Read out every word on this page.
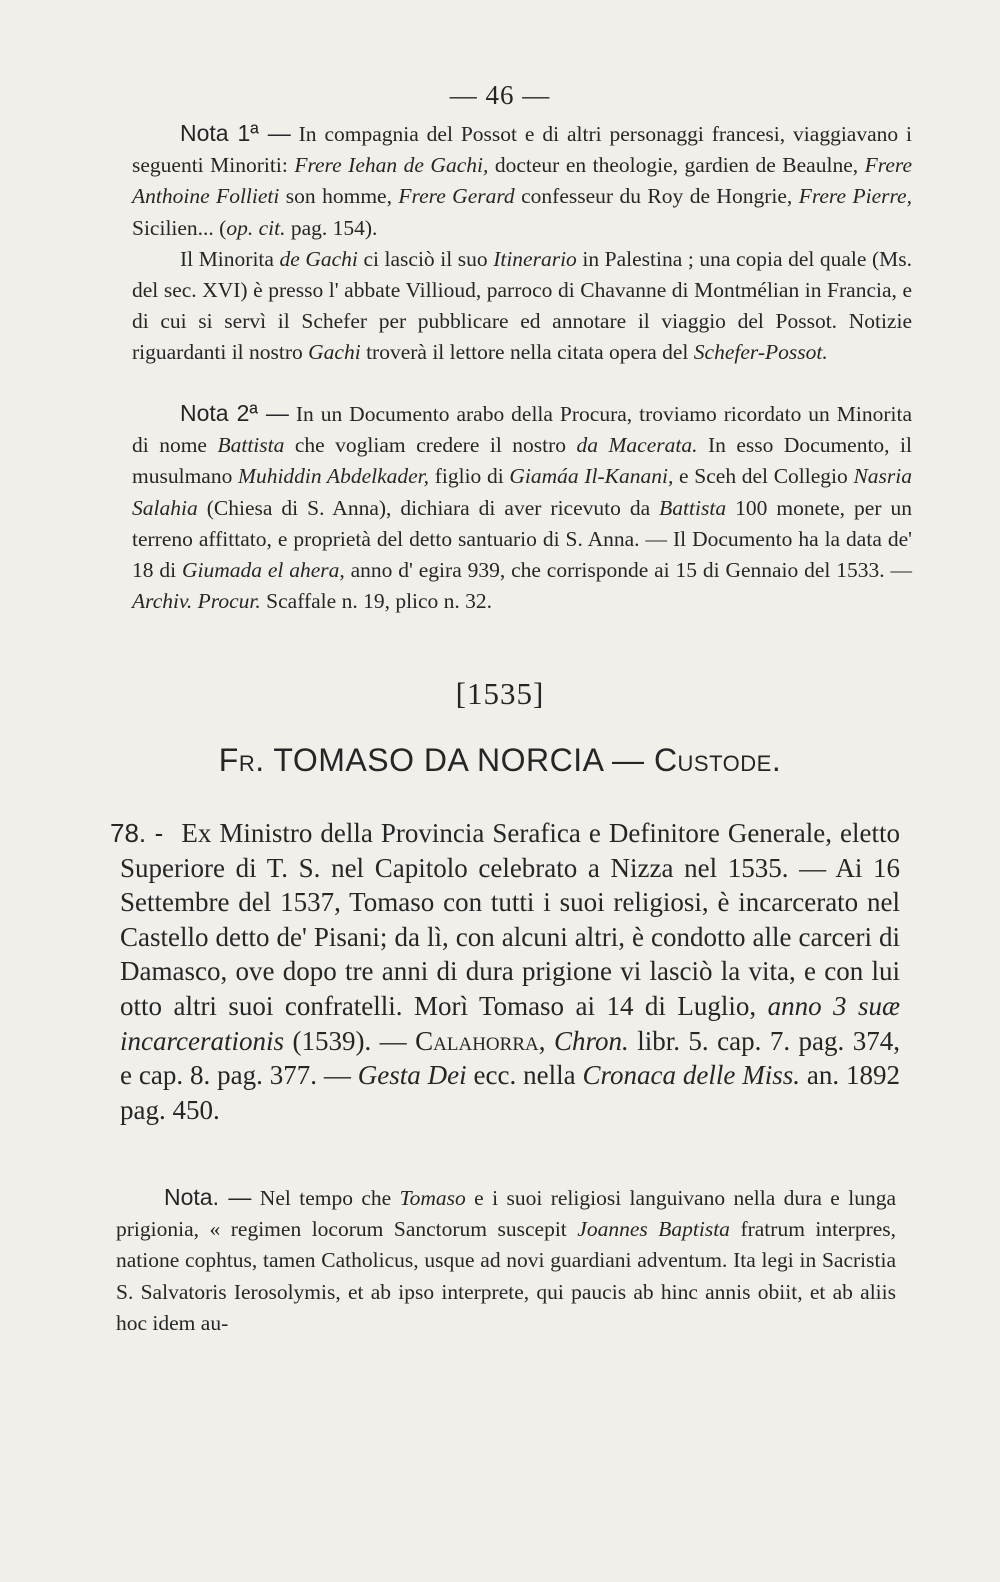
— 46 —

Nota 1ª — In compagnia del Possot e di altri personaggi francesi, viaggiavano i seguenti Minoriti: Frere Iehan de Gachi, docteur en theologie, gardien de Beaulne, Frere Anthoine Follieti son homme, Frere Gerard confesseur du Roy de Hongrie, Frere Pierre, Sicilien... (op. cit. pag. 154).

Il Minorita de Gachi ci lasciò il suo Itinerario in Palestina ; una copia del quale (Ms. del sec. XVI) è presso l' abbate Villioud, parroco di Chavanne di Montmélian in Francia, e di cui si servì il Schefer per pubblicare ed annotare il viaggio del Possot. Notizie riguardanti il nostro Gachi troverà il lettore nella citata opera del Schefer-Possot.

Nota 2ª — In un Documento arabo della Procura, troviamo ricordato un Minorita di nome Battista che vogliam credere il nostro da Macerata. In esso Documento, il musulmano Muhiddin Abdelkader, figlio di Giamáa Il-Kanani, e Sceh del Collegio Nasria Salahia (Chiesa di S. Anna), dichiara di aver ricevuto da Battista 100 monete, per un terreno affittato, e proprietà del detto santuario di S. Anna. — Il Documento ha la data de' 18 di Giumada el ahera, anno d' egira 939, che corrisponde ai 15 di Gennaio del 1533. — Archiv. Procur. Scaffale n. 19, plico n. 32.

[1535]
Fr. TOMASO DA NORCIA — Custode.

78. - Ex Ministro della Provincia Serafica e Definitore Generale, eletto Superiore di T. S. nel Capitolo celebrato a Nizza nel 1535. — Ai 16 Settembre del 1537, Tomaso con tutti i suoi religiosi, è incarcerato nel Castello detto de' Pisani; da lì, con alcuni altri, è condotto alle carceri di Damasco, ove dopo tre anni di dura prigione vi lasciò la vita, e con lui otto altri suoi confratelli. Morì Tomaso ai 14 di Luglio, anno 3 suæ incarcerationis (1539). — Calahorra, Chron. libr. 5. cap. 7. pag. 374, e cap. 8. pag. 377. — Gesta Dei ecc. nella Cronaca delle Miss. an. 1892 pag. 450.

Nota. — Nel tempo che Tomaso e i suoi religiosi languivano nella dura e lunga prigionia, « regimen locorum Sanctorum suscepit Joannes Baptista fratrum interpres, natione cophtus, tamen Catholicus, usque ad novi guardiani adventum. Ita legi in Sacristia S. Salvatoris Ierosolymis, et ab ipso interprete, qui paucis ab hinc annis obiit, et ab aliis hoc idem au-
